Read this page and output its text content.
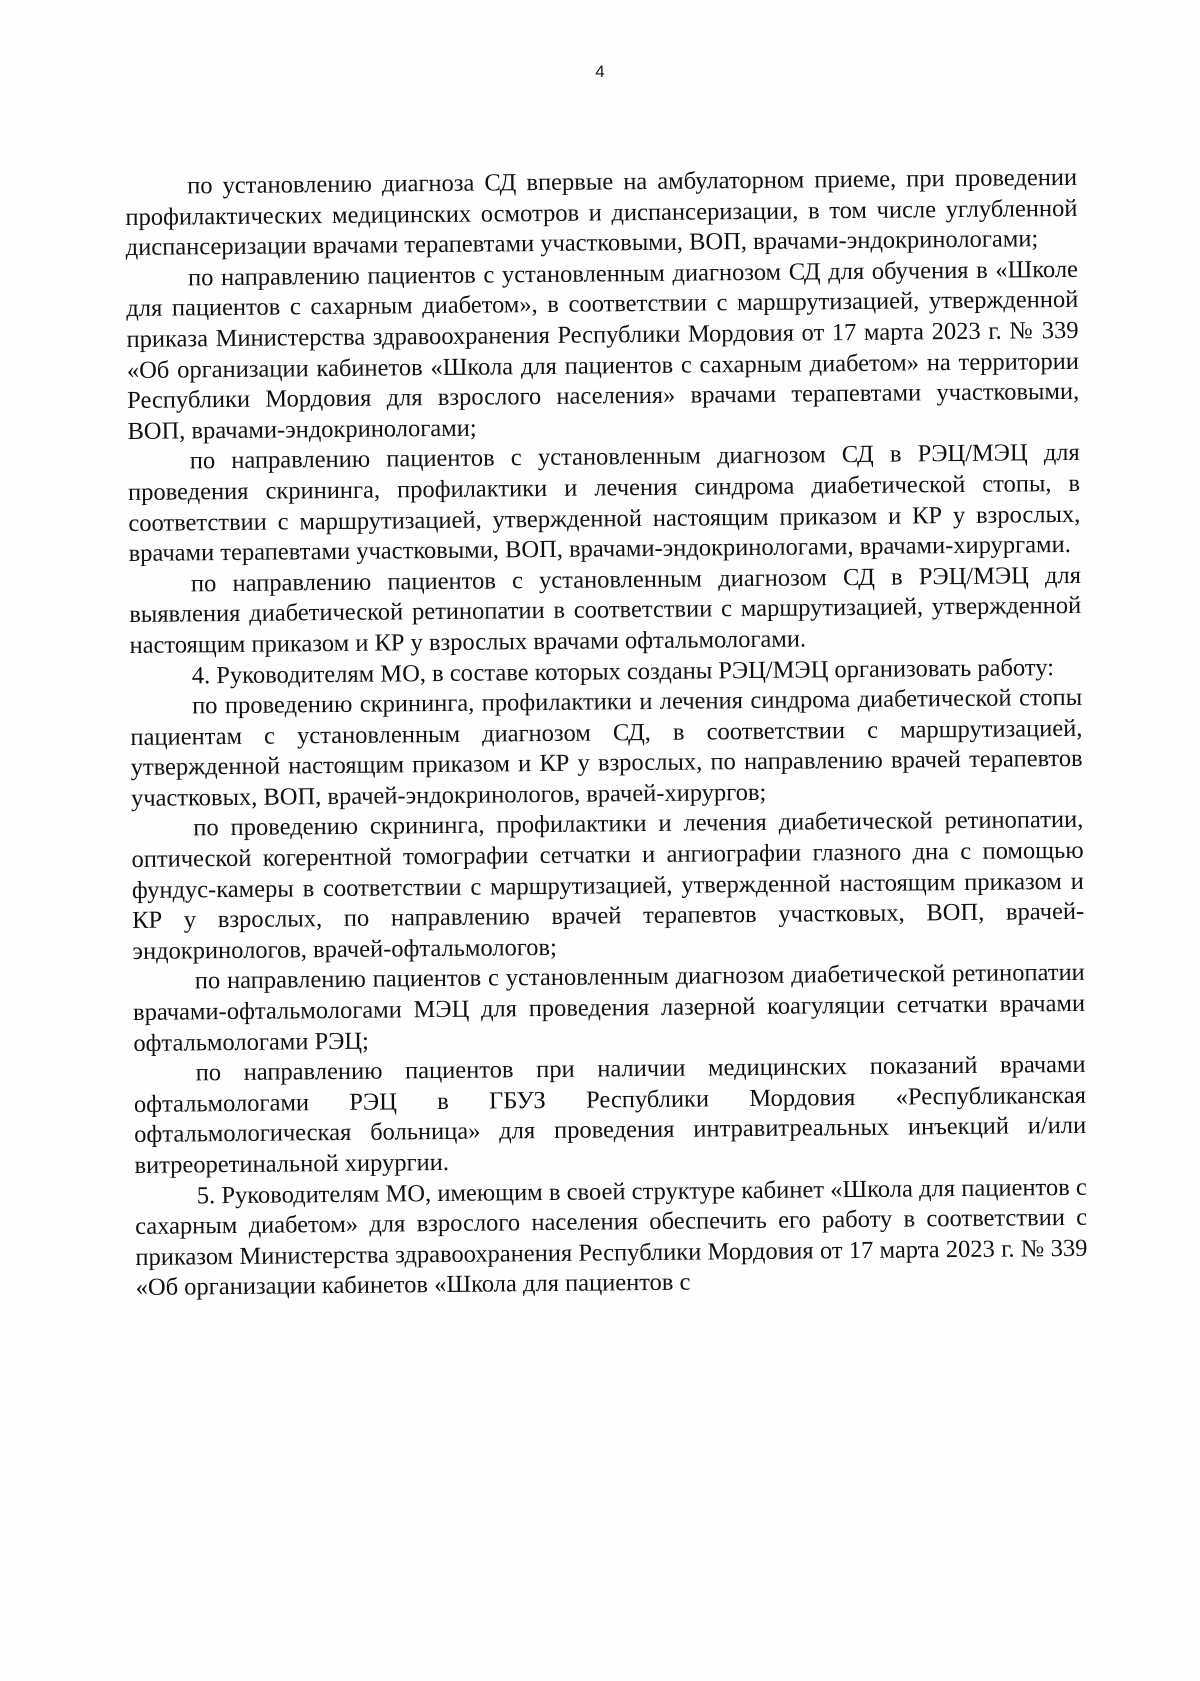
4

по установлению диагноза СД впервые на амбулаторном приеме, при проведении профилактических медицинских осмотров и диспансеризации, в том числе углубленной диспансеризации врачами терапевтами участковыми, ВОП, врачами-эндокринологами;

по направлению пациентов с установленным диагнозом СД для обучения в «Школе для пациентов с сахарным диабетом», в соответствии с маршрутизацией, утвержденной приказа Министерства здравоохранения Республики Мордовия от 17 марта 2023 г. № 339 «Об организации кабинетов «Школа для пациентов с сахарным диабетом» на территории Республики Мордовия для взрослого населения» врачами терапевтами участковыми, ВОП, врачами-эндокринологами;

по направлению пациентов с установленным диагнозом СД в РЭЦ/МЭЦ для проведения скрининга, профилактики и лечения синдрома диабетической стопы, в соответствии с маршрутизацией, утвержденной настоящим приказом и КР у взрослых, врачами терапевтами участковыми, ВОП, врачами-эндокринологами, врачами-хирургами.

по направлению пациентов с установленным диагнозом СД в РЭЦ/МЭЦ для выявления диабетической ретинопатии в соответствии с маршрутизацией, утвержденной настоящим приказом и КР у взрослых врачами офтальмологами.

4. Руководителям МО, в составе которых созданы РЭЦ/МЭЦ организовать работу:

по проведению скрининга, профилактики и лечения синдрома диабетической стопы пациентам с установленным диагнозом СД, в соответствии с маршрутизацией, утвержденной настоящим приказом и КР у взрослых, по направлению врачей терапевтов участковых, ВОП, врачей-эндокринологов, врачей-хирургов;

по проведению скрининга, профилактики и лечения диабетической ретинопатии, оптической когерентной томографии сетчатки и ангиографии глазного дна с помощью фундус-камеры в соответствии с маршрутизацией, утвержденной настоящим приказом и КР у взрослых, по направлению врачей терапевтов участковых, ВОП, врачей-эндокринологов, врачей-офтальмологов;

по направлению пациентов с установленным диагнозом диабетической ретинопатии врачами-офтальмологами МЭЦ для проведения лазерной коагуляции сетчатки врачами офтальмологами РЭЦ;

по направлению пациентов при наличии медицинских показаний врачами офтальмологами РЭЦ в ГБУЗ Республики Мордовия «Республиканская офтальмологическая больница» для проведения интравитреальных инъекций и/или витреоретинальной хирургии.

5. Руководителям МО, имеющим в своей структуре кабинет «Школа для пациентов с сахарным диабетом» для взрослого населения обеспечить его работу в соответствии с приказом Министерства здравоохранения Республики Мордовия от 17 марта 2023 г. № 339 «Об организации кабинетов «Школа для пациентов с
